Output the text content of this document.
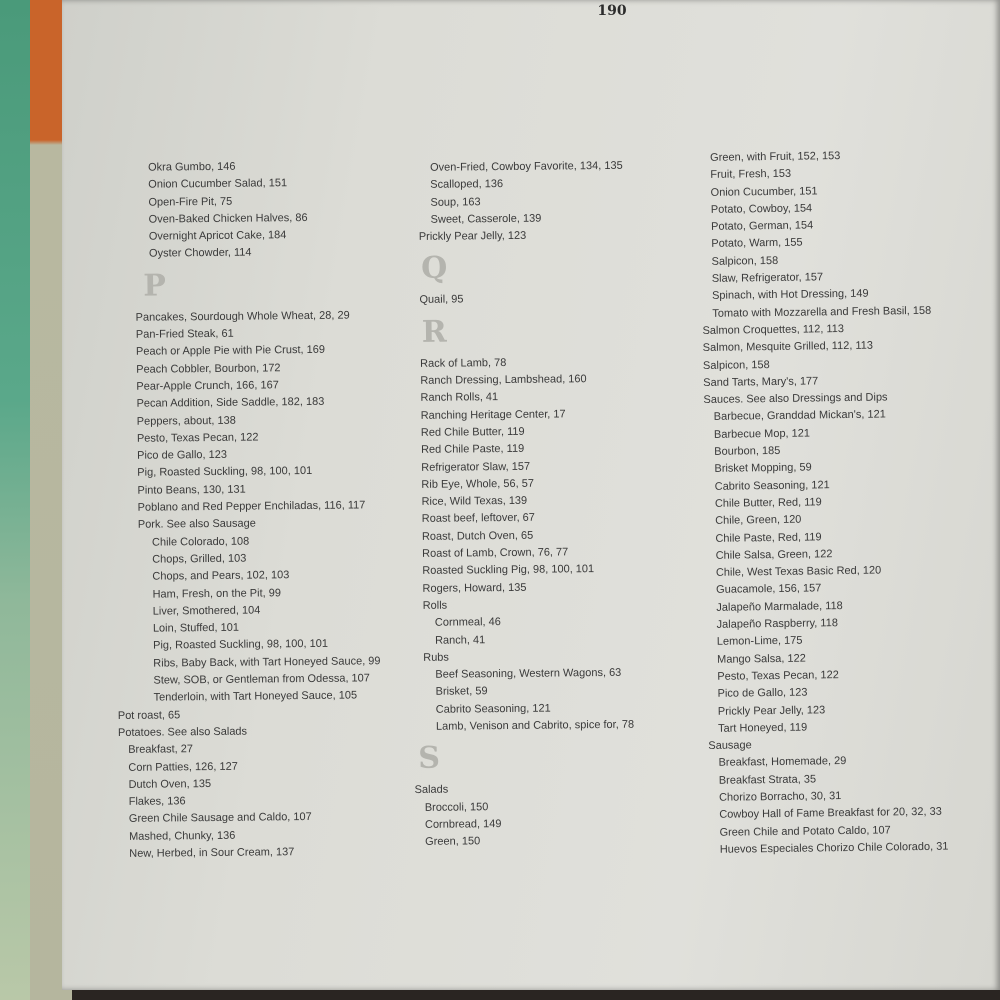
190
Okra Gumbo, 146
Onion Cucumber Salad, 151
Open-Fire Pit, 75
Oven-Baked Chicken Halves, 86
Overnight Apricot Cake, 184
Oyster Chowder, 114
P
Pancakes, Sourdough Whole Wheat, 28, 29
Pan-Fried Steak, 61
Peach or Apple Pie with Pie Crust, 169
Peach Cobbler, Bourbon, 172
Pear-Apple Crunch, 166, 167
Pecan Addition, Side Saddle, 182, 183
Peppers, about, 138
Pesto, Texas Pecan, 122
Pico de Gallo, 123
Pig, Roasted Suckling, 98, 100, 101
Pinto Beans, 130, 131
Poblano and Red Pepper Enchiladas, 116, 117
Pork. See also Sausage
Chile Colorado, 108
Chops, Grilled, 103
Chops, and Pears, 102, 103
Ham, Fresh, on the Pit, 99
Liver, Smothered, 104
Loin, Stuffed, 101
Pig, Roasted Suckling, 98, 100, 101
Ribs, Baby Back, with Tart Honeyed Sauce, 99
Stew, SOB, or Gentleman from Odessa, 107
Tenderloin, with Tart Honeyed Sauce, 105
Pot roast, 65
Potatoes. See also Salads
Breakfast, 27
Corn Patties, 126, 127
Dutch Oven, 135
Flakes, 136
Green Chile Sausage and Caldo, 107
Mashed, Chunky, 136
New, Herbed, in Sour Cream, 137
Oven-Fried, Cowboy Favorite, 134, 135
Scalloped, 136
Soup, 163
Sweet, Casserole, 139
Prickly Pear Jelly, 123
Q
Quail, 95
R
Rack of Lamb, 78
Ranch Dressing, Lambshead, 160
Ranch Rolls, 41
Ranching Heritage Center, 17
Red Chile Butter, 119
Red Chile Paste, 119
Refrigerator Slaw, 157
Rib Eye, Whole, 56, 57
Rice, Wild Texas, 139
Roast beef, leftover, 67
Roast, Dutch Oven, 65
Roast of Lamb, Crown, 76, 77
Roasted Suckling Pig, 98, 100, 101
Rogers, Howard, 135
Rolls
Cornmeal, 46
Ranch, 41
Rubs
Beef Seasoning, Western Wagons, 63
Brisket, 59
Cabrito Seasoning, 121
Lamb, Venison and Cabrito, spice for, 78
S
Salads
Broccoli, 150
Cornbread, 149
Green, 150
Green, with Fruit, 152, 153
Fruit, Fresh, 153
Onion Cucumber, 151
Potato, Cowboy, 154
Potato, German, 154
Potato, Warm, 155
Salpicon, 158
Slaw, Refrigerator, 157
Spinach, with Hot Dressing, 149
Tomato with Mozzarella and Fresh Basil, 158
Salmon Croquettes, 112, 113
Salmon, Mesquite Grilled, 112, 113
Salpicon, 158
Sand Tarts, Mary's, 177
Sauces. See also Dressings and Dips
Barbecue, Granddad Mickan's, 121
Barbecue Mop, 121
Bourbon, 185
Brisket Mopping, 59
Cabrito Seasoning, 121
Chile Butter, Red, 119
Chile, Green, 120
Chile Paste, Red, 119
Chile Salsa, Green, 122
Chile, West Texas Basic Red, 120
Guacamole, 156, 157
Jalapeño Marmalade, 118
Jalapeño Raspberry, 118
Lemon-Lime, 175
Mango Salsa, 122
Pesto, Texas Pecan, 122
Pico de Gallo, 123
Prickly Pear Jelly, 123
Tart Honeyed, 119
Sausage
Breakfast, Homemade, 29
Breakfast Strata, 35
Chorizo Borracho, 30, 31
Cowboy Hall of Fame Breakfast for 20, 32, 33
Green Chile and Potato Caldo, 107
Huevos Especiales Chorizo Chile Colorado, 31
